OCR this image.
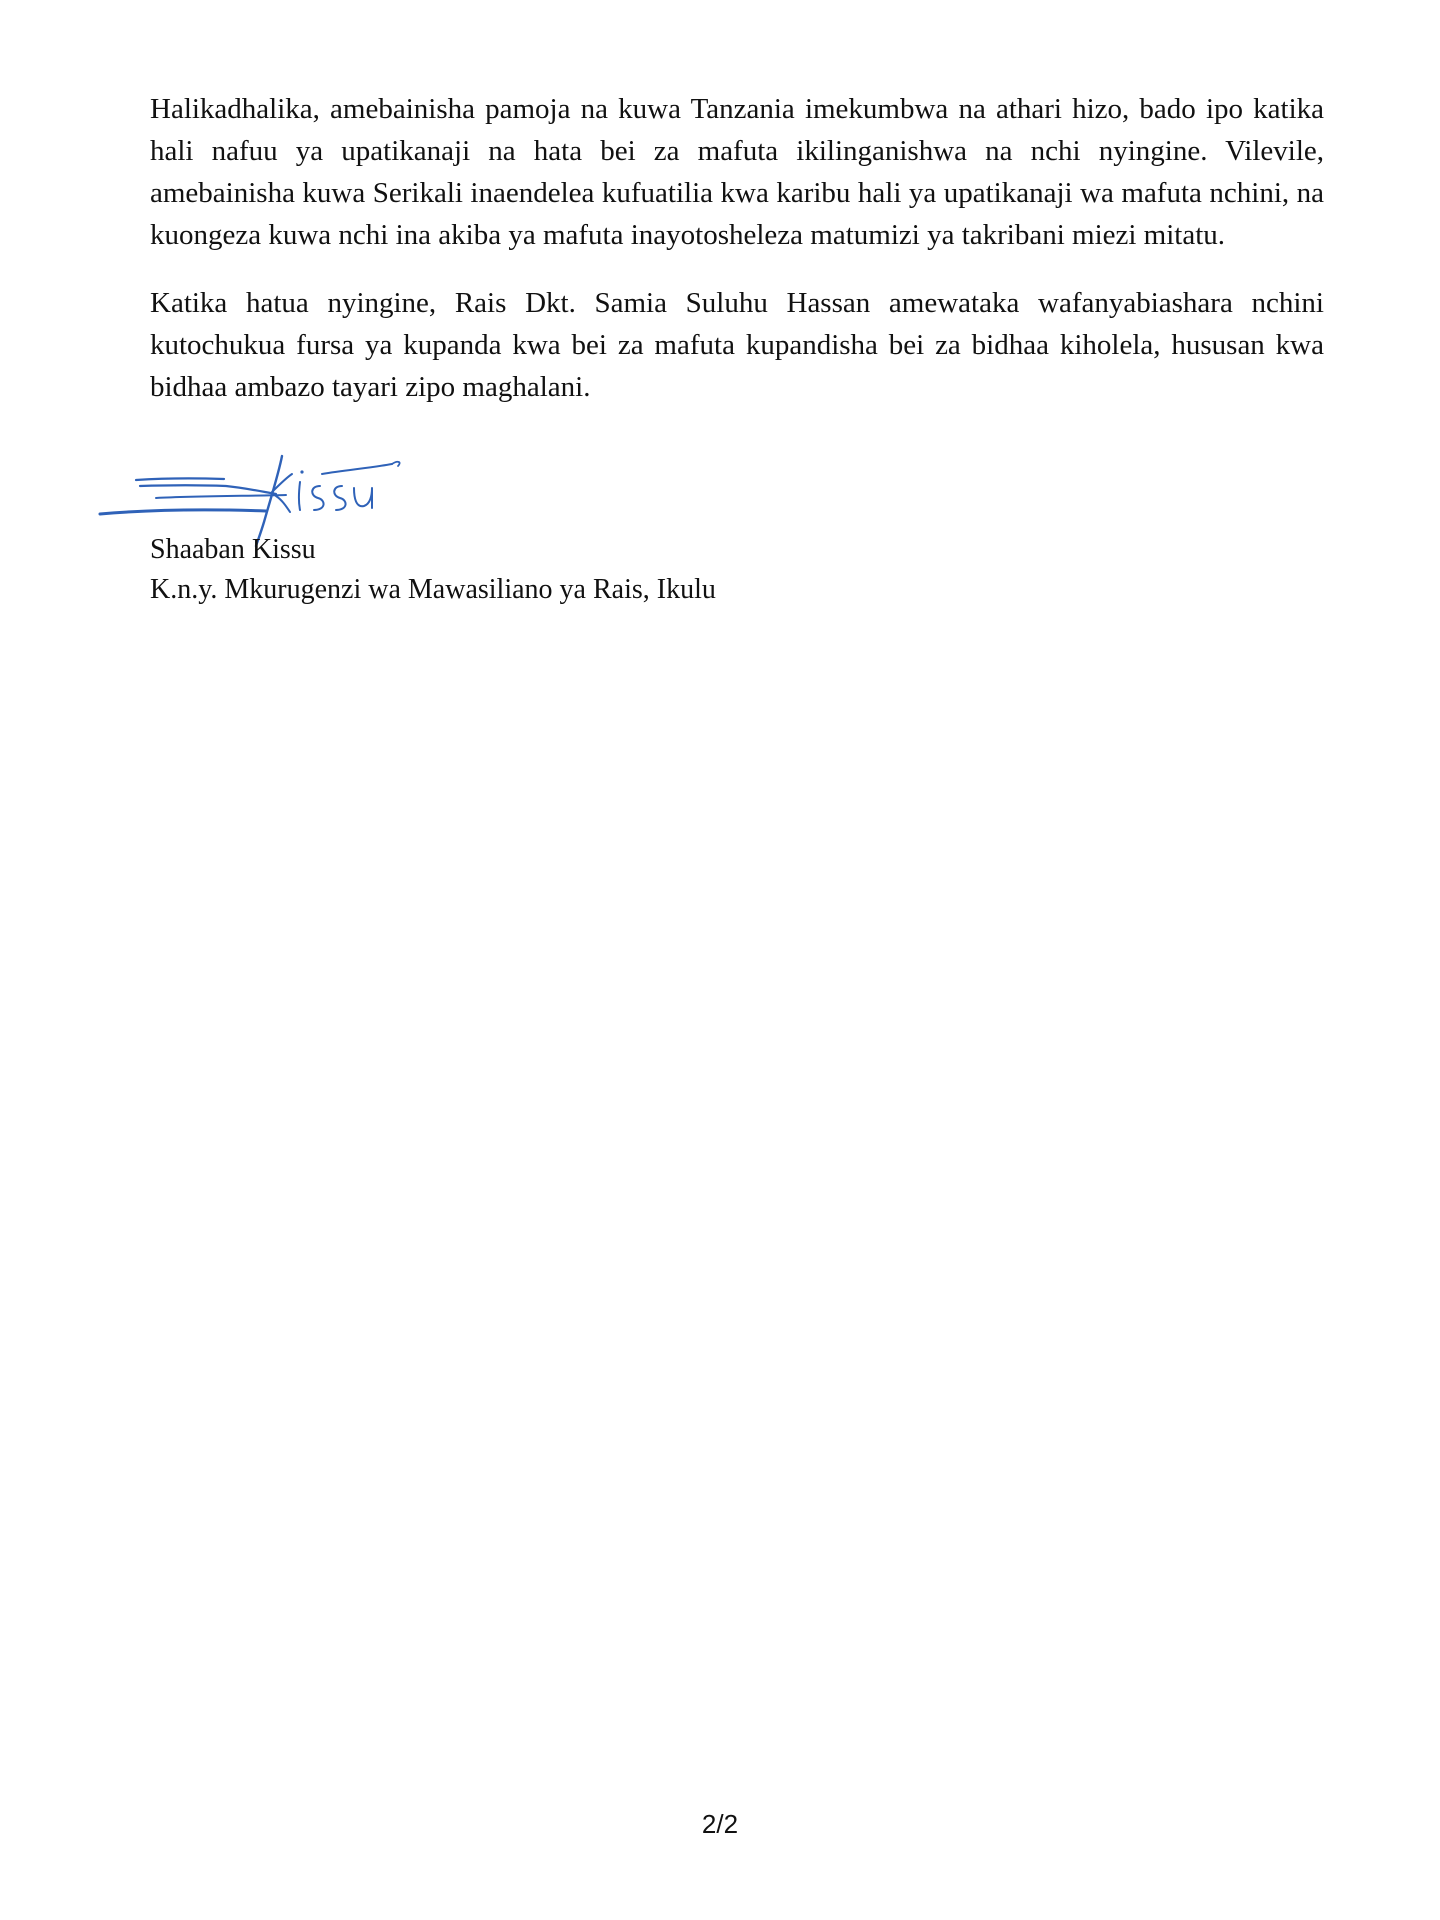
Halikadhalika, amebainisha pamoja na kuwa Tanzania imekumbwa na athari hizo, bado ipo katika hali nafuu ya upatikanaji na hata bei za mafuta ikilinganishwa na nchi nyingine. Vilevile, amebainisha kuwa Serikali inaendelea kufuatilia kwa karibu hali ya upatikanaji wa mafuta nchini, na kuongeza kuwa nchi ina akiba ya mafuta inayotosheleza matumizi ya takribani miezi mitatu.

Katika hatua nyingine, Rais Dkt. Samia Suluhu Hassan amewataka wafanyabiashara nchini kutochukua fursa ya kupanda kwa bei za mafuta kupandisha bei za bidhaa kiholela, hususan kwa bidhaa ambazo tayari zipo maghalani.

Shaaban Kissu
K.n.y. Mkurugenzi wa Mawasiliano ya Rais, Ikulu
2/2
